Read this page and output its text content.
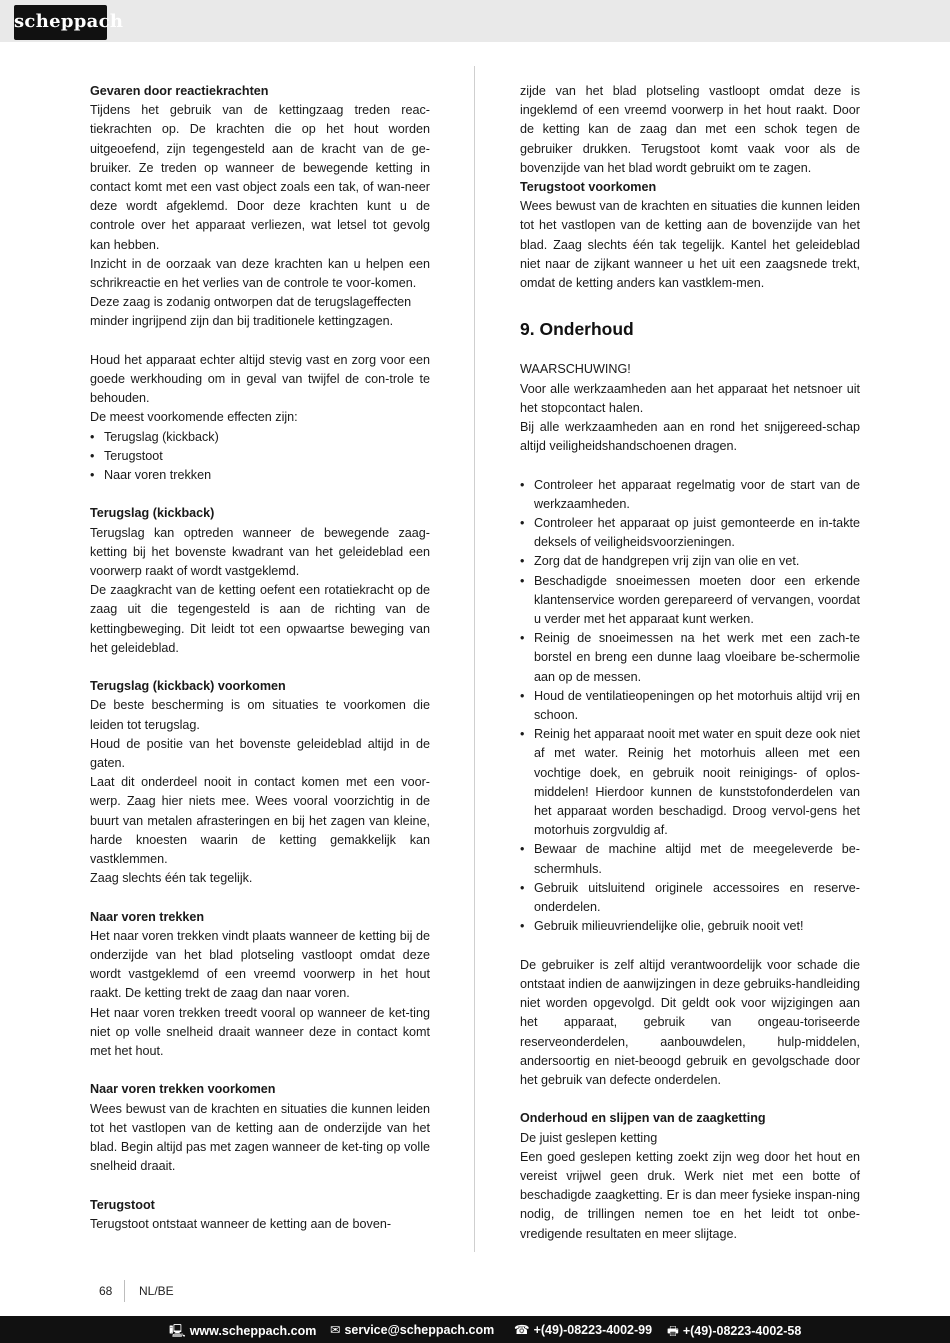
scheppach

Gevaren door reactiekrachten

Tijdens het gebruik van de kettingzaag treden reac-tiekrachten op. De krachten die op het hout worden uitgeoefend, zijn tegengesteld aan de kracht van de ge-bruiker. Ze treden op wanneer de bewegende ketting in contact komt met een vast object zoals een tak, of wan-neer deze wordt afgeklemd. Door deze krachten kunt u de controle over het apparaat verliezen, wat letsel tot gevolg kan hebben.

Inzicht in de oorzaak van deze krachten kan u helpen een schrikreactie en het verlies van de controle te voor-komen.

Deze zaag is zodanig ontworpen dat de terugslageffecten minder ingrijpend zijn dan bij traditionele kettingzagen.

Houd het apparaat echter altijd stevig vast en zorg voor een goede werkhouding om in geval van twijfel de con-trole te behouden.

De meest voorkomende effecten zijn:

• Terugslag (kickback)
• Terugstoot
• Naar voren trekken

Terugslag (kickback)

Terugslag kan optreden wanneer de bewegende zaag-ketting bij het bovenste kwadrant van het geleideblad een voorwerp raakt of wordt vastgeklemd.

De zaagkracht van de ketting oefent een rotatiekracht op de zaag uit die tegengesteld is aan de richting van de kettingbeweging. Dit leidt tot een opwaartse beweging van het geleideblad.

Terugslag (kickback) voorkomen

De beste bescherming is om situaties te voorkomen die leiden tot terugslag.

Houd de positie van het bovenste geleideblad altijd in de gaten.

Laat dit onderdeel nooit in contact komen met een voor-werp. Zaag hier niets mee. Wees vooral voorzichtig in de buurt van metalen afrasteringen en bij het zagen van kleine, harde knoesten waarin de ketting gemakkelijk kan vastklemmen.

Zaag slechts één tak tegelijk.

Naar voren trekken

Het naar voren trekken vindt plaats wanneer de ketting bij de onderzijde van het blad plotseling vastloopt omdat deze wordt vastgeklemd of een vreemd voorwerp in het hout raakt. De ketting trekt de zaag dan naar voren.

Het naar voren trekken treedt vooral op wanneer de ket-ting niet op volle snelheid draait wanneer deze in contact komt met het hout.

Naar voren trekken voorkomen

Wees bewust van de krachten en situaties die kunnen leiden tot het vastlopen van de ketting aan de onderzijde van het blad. Begin altijd pas met zagen wanneer de ket-ting op volle snelheid draait.

Terugstoot

Terugstoot ontstaat wanneer de ketting aan de boven-

zijde van het blad plotseling vastloopt omdat deze is ingeklemd of een vreemd voorwerp in het hout raakt. Door de ketting kan de zaag dan met een schok tegen de gebruiker drukken. Terugstoot komt vaak voor als de bovenzijde van het blad wordt gebruikt om te zagen.

Terugstoot voorkomen

Wees bewust van de krachten en situaties die kunnen leiden tot het vastlopen van de ketting aan de bovenzijde van het blad. Zaag slechts één tak tegelijk. Kantel het geleideblad niet naar de zijkant wanneer u het uit een zaagsnede trekt, omdat de ketting anders kan vastklem-men.

9. Onderhoud

WAARSCHUWING!

Voor alle werkzaamheden aan het apparaat het netsnoer uit het stopcontact halen.

Bij alle werkzaamheden aan en rond het snijgereed-schap altijd veiligheidshandschoenen dragen.

• Controleer het apparaat regelmatig voor de start van de werkzaamheden.
• Controleer het apparaat op juist gemonteerde en in-takte deksels of veiligheidsvoorzieningen.
• Zorg dat de handgrepen vrij zijn van olie en vet.
• Beschadigde snoeimessen moeten door een erkende klantenservice worden gerepareerd of vervangen, voordat u verder met het apparaat kunt werken.
• Reinig de snoeimessen na het werk met een zach-te borstel en breng een dunne laag vloeibare be-schermolie aan op de messen.
• Houd de ventilatieopeningen op het motorhuis altijd vrij en schoon.
• Reinig het apparaat nooit met water en spuit deze ook niet af met water. Reinig het motorhuis alleen met een vochtige doek, en gebruik nooit reinigings- of oplos-middelen! Hierdoor kunnen de kunststofonderdelen van het apparaat worden beschadigd. Droog vervol-gens het motorhuis zorgvuldig af.
• Bewaar de machine altijd met de meegeleverde be-schermhuls.
• Gebruik uitsluitend originele accessoires en reserve-onderdelen.
• Gebruik milieuvriendelijke olie, gebruik nooit vet!

De gebruiker is zelf altijd verantwoordelijk voor schade die ontstaat indien de aanwijzingen in deze gebruiks-handleiding niet worden opgevolgd. Dit geldt ook voor wijzigingen aan het apparaat, gebruik van ongeau-toriseerde reserveonderdelen, aanbouwdelen, hulp-middelen, andersoortig en niet-beoogd gebruik en gevolgschade door het gebruik van defecte onderdelen.

Onderhoud en slijpen van de zaagketting

De juist geslepen ketting

Een goed geslepen ketting zoekt zijn weg door het hout en vereist vrijwel geen druk. Werk niet met een botte of beschadigde zaagketting. Er is dan meer fysieke inspan-ning nodig, de trillingen nemen toe en het leidt tot onbe-vredigende resultaten en meer slijtage.

68 NL/BE
🖳︎ www.scheppach.com ✉︎ service@scheppach.com ☎︎ +(49)-08223-4002-99 🖶︎ +(49)-08223-4002-58
